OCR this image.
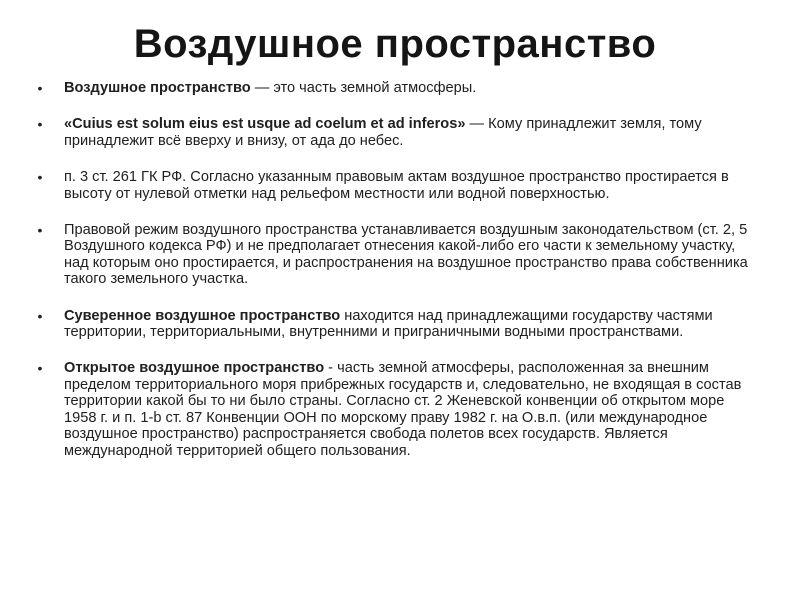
Воздушное пространство
• Воздушное пространство — это часть земной атмосферы.
• «Cuius est solum eius est usque ad coelum et ad inferos» — Кому принадлежит земля, тому принадлежит всё вверху и внизу, от ада до небес.
• п. 3 ст. 261 ГК РФ. Согласно указанным правовым актам воздушное пространство простирается в высоту от нулевой отметки над рельефом местности или водной поверхностью.
• Правовой режим воздушного пространства устанавливается воздушным законодательством (ст. 2, 5 Воздушного кодекса РФ) и не предполагает отнесения какой-либо его части к земельному участку, над которым оно простирается, и распространения на воздушное пространство права собственника такого земельного участка.
• Суверенное воздушное пространство находится над принадлежащими государству частями территории, территориальными, внутренними и приграничными водными пространствами.
• Открытое воздушное пространство - часть земной атмосферы, расположенная за внешним пределом территориального моря прибрежных государств и, следовательно, не входящая в состав территории какой бы то ни было страны. Согласно ст. 2 Женевской конвенции об открытом море 1958 г. и п. 1-b ст. 87 Конвенции ООН по морскому праву 1982 г. на О.в.п. (или международное воздушное пространство) распространяется свобода полетов всех государств. Является международной территорией общего пользования.
